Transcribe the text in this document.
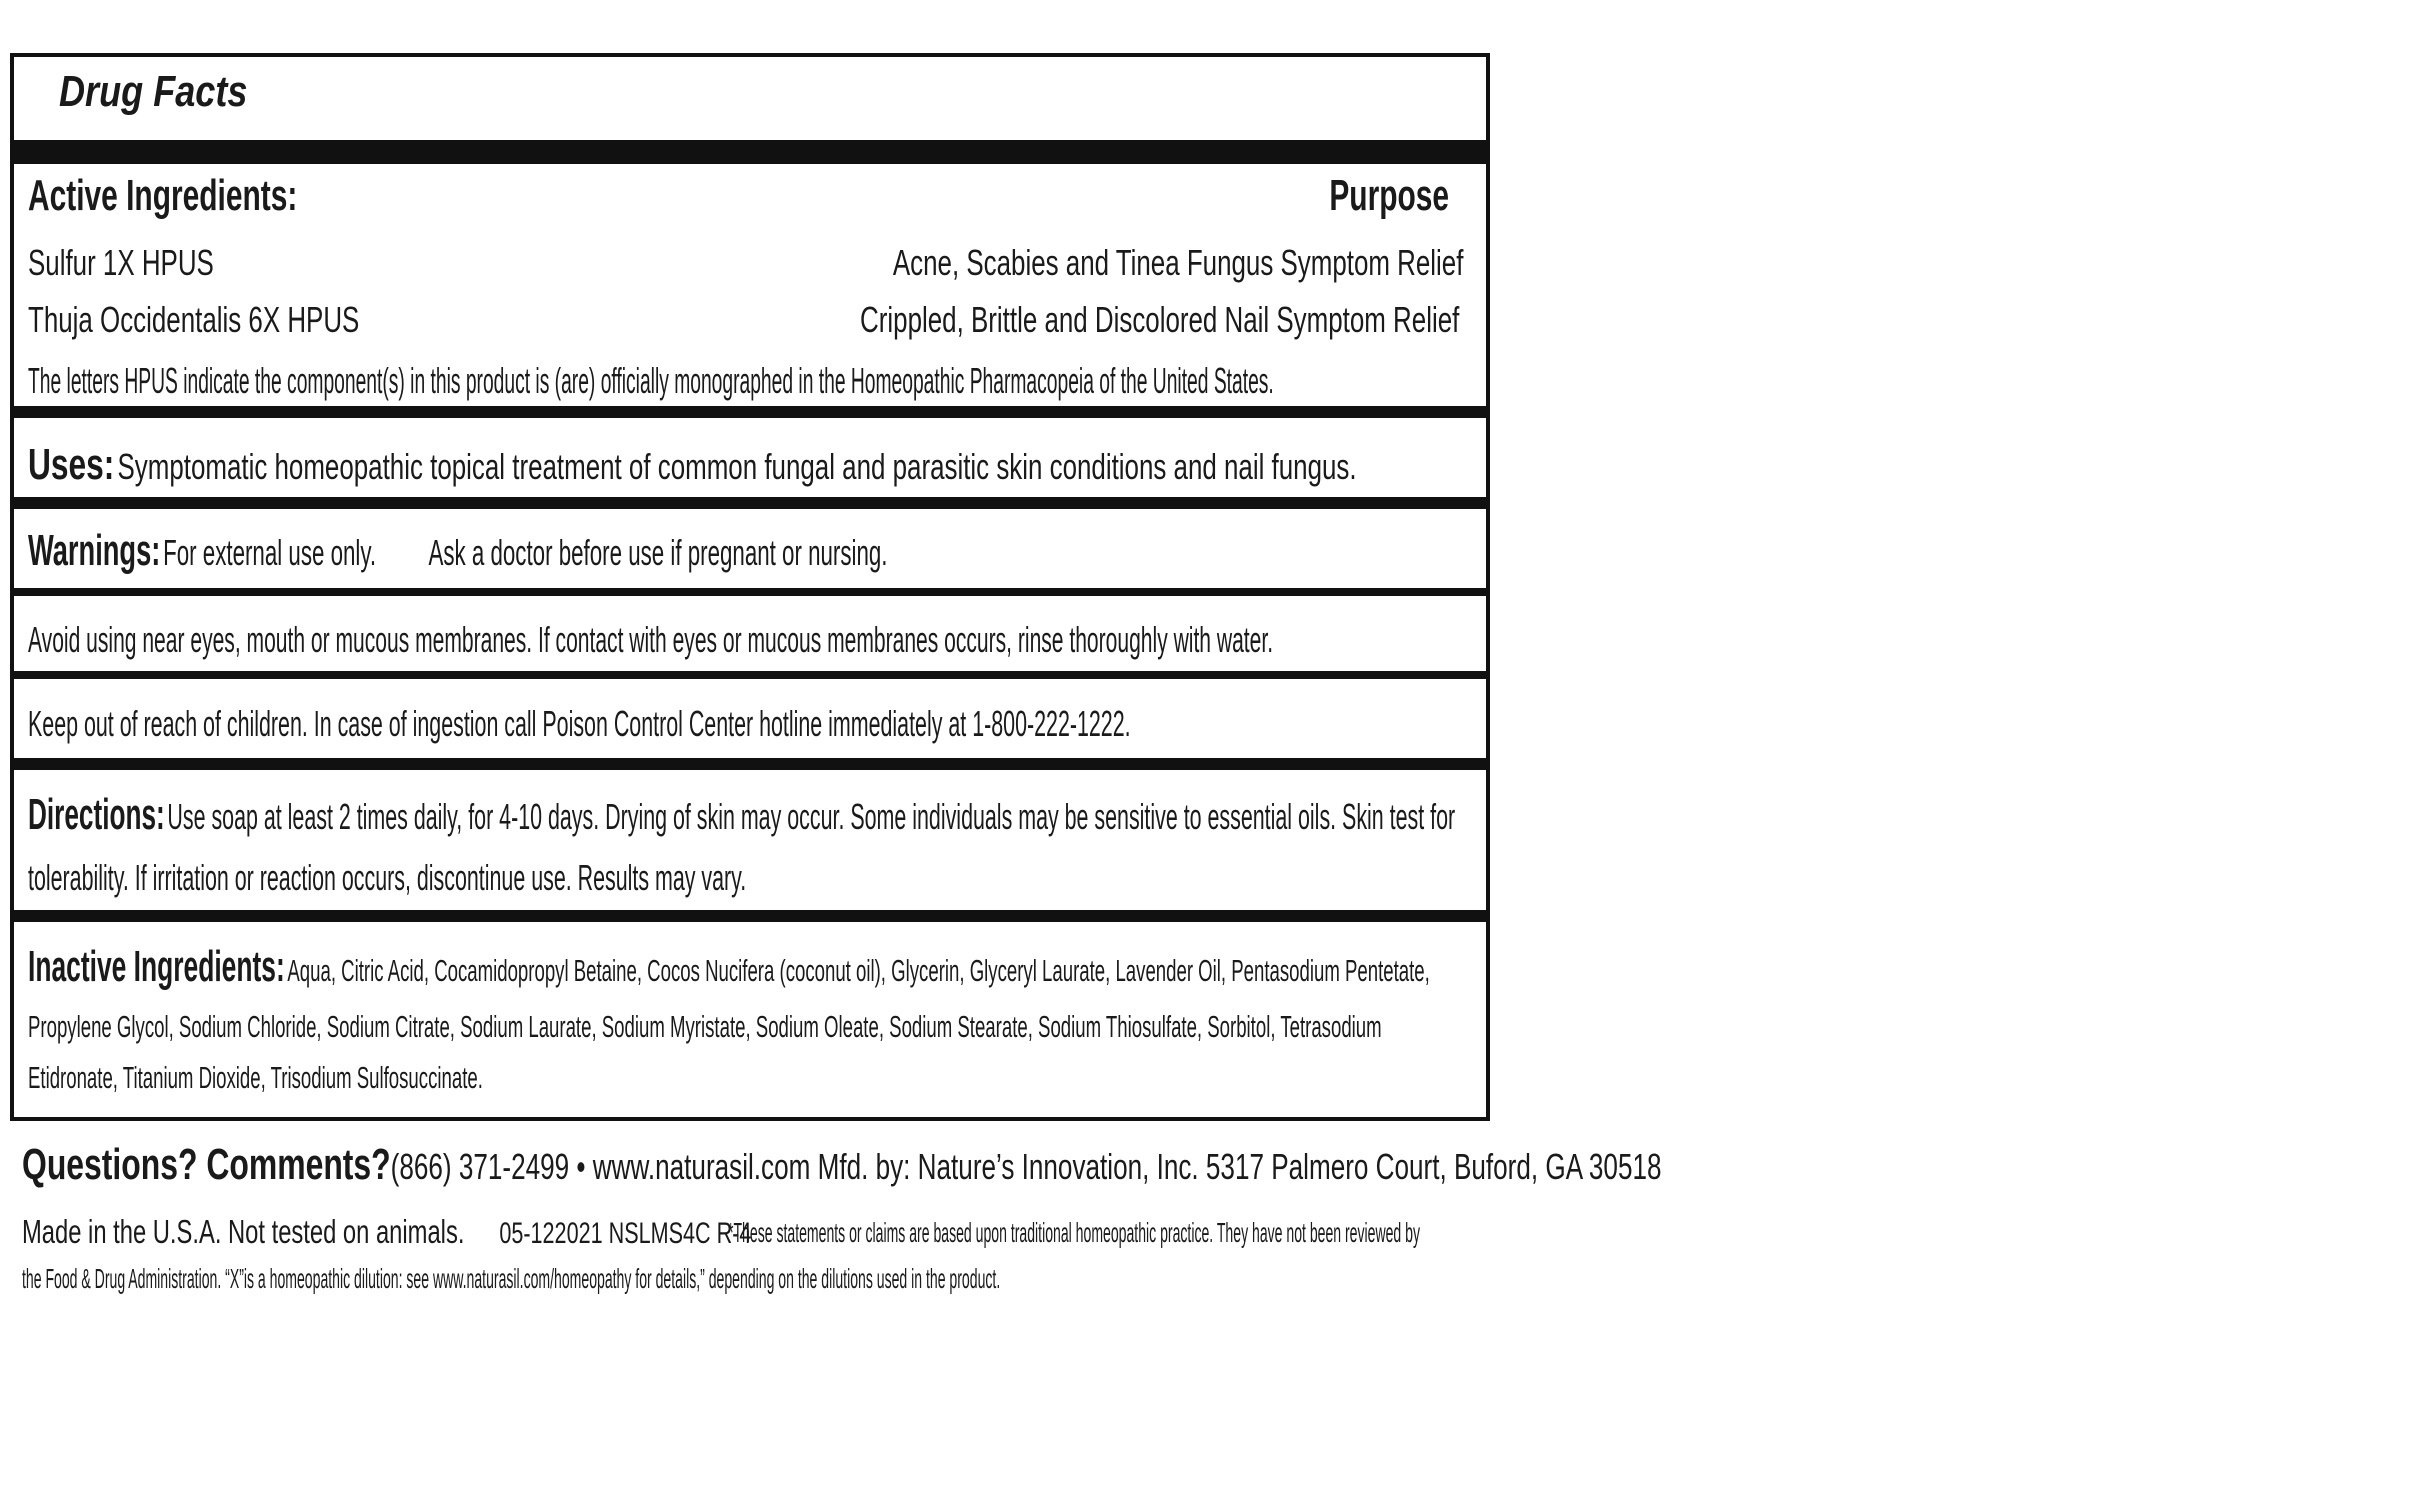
Drug Facts
Active Ingredients:	Purpose
Sulfur 1X HPUS	Acne, Scabies and Tinea Fungus Symptom Relief
Thuja Occidentalis 6X HPUS	Crippled, Brittle and Discolored Nail Symptom Relief
The letters HPUS indicate the component(s) in this product is (are) officially monographed in the Homeopathic Pharmacopeia of the United States.
Uses: Symptomatic homeopathic topical treatment of common fungal and parasitic skin conditions and nail fungus.
Warnings: For external use only. Ask a doctor before use if pregnant or nursing.
Avoid using near eyes, mouth or mucous membranes. If contact with eyes or mucous membranes occurs, rinse thoroughly with water.
Keep out of reach of children. In case of ingestion call Poison Control Center hotline immediately at 1-800-222-1222.
Directions: Use soap at least 2 times daily, for 4-10 days. Drying of skin may occur. Some individuals may be sensitive to essential oils. Skin test for
tolerability. If irritation or reaction occurs, discontinue use. Results may vary.
Inactive Ingredients: Aqua, Citric Acid, Cocamidopropyl Betaine, Cocos Nucifera (coconut oil), Glycerin, Glyceryl Laurate, Lavender Oil, Pentasodium Pentetate,
Propylene Glycol, Sodium Chloride, Sodium Citrate, Sodium Laurate, Sodium Myristate, Sodium Oleate, Sodium Stearate, Sodium Thiosulfate, Sorbitol, Tetrasodium
Etidronate, Titanium Dioxide, Trisodium Sulfosuccinate.
Questions? Comments?(866) 371-2499 • www.naturasil.com Mfd. by: Nature’s Innovation, Inc. 5317 Palmero Court, Buford, GA 30518
Made in the U.S.A. Not tested on animals. 05-122021 NSLMS4C R-4
*These statements or claims are based upon traditional homeopathic practice. They have not been reviewed by
the Food & Drug Administration. “X”is a homeopathic dilution: see www.naturasil.com/homeopathy for details,” depending on the dilutions used in the product.
